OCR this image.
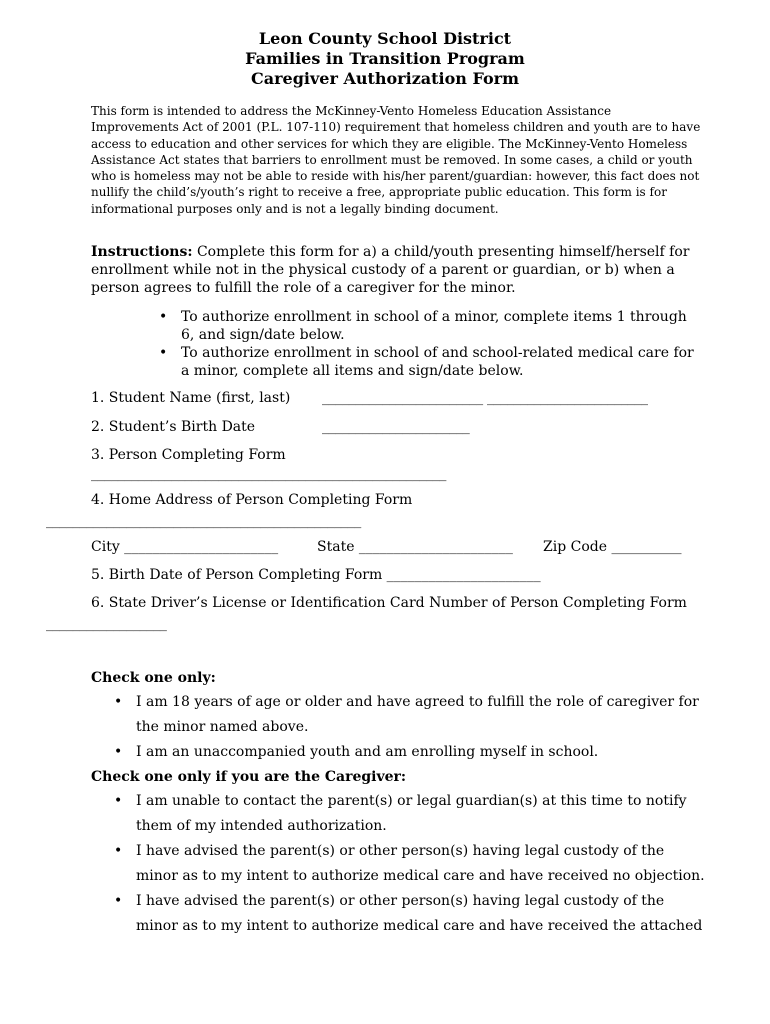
Leon County School District
Families in Transition Program
Caregiver Authorization Form
This form is intended to address the McKinney-Vento Homeless Education Assistance Improvements Act of 2001 (P.L. 107-110) requirement that homeless children and youth are to have access to education and other services for which they are eligible. The McKinney-Vento Homeless Assistance Act states that barriers to enrollment must be removed. In some cases, a child or youth who is homeless may not be able to reside with his/her parent/guardian: however, this fact does not nullify the child’s/youth’s right to receive a free, appropriate public education. This form is for informational purposes only and is not a legally binding document.
Instructions: Complete this form for a) a child/youth presenting himself/herself for enrollment while not in the physical custody of a parent or guardian, or b) when a person agrees to fulfill the role of a caregiver for the minor.
• To authorize enrollment in school of a minor, complete items 1 through 6, and sign/date below.
• To authorize enrollment in school of and school-related medical care for a minor, complete all items and sign/date below.
1. Student Name (first, last) ________________________ ________________________
2. Student’s Birth Date	______________________
3. Person Completing Form
_____________________________________________________
4. Home Address of Person Completing Form
_______________________________________________
City ______________________	State ______________________ Zip Code __________
5. Birth Date of Person Completing Form ______________________
6. State Driver’s License or Identification Card Number of Person Completing Form
__________________
Check one only:
• I am 18 years of age or older and have agreed to fulfill the role of caregiver for the minor named above.
• I am an unaccompanied youth and am enrolling myself in school.
Check one only if you are the Caregiver:
• I am unable to contact the parent(s) or legal guardian(s) at this time to notify them of my intended authorization.
• I have advised the parent(s) or other person(s) having legal custody of the minor as to my intent to authorize medical care and have received no objection.
• I have advised the parent(s) or other person(s) having legal custody of the minor as to my intent to authorize medical care and have received the attached
